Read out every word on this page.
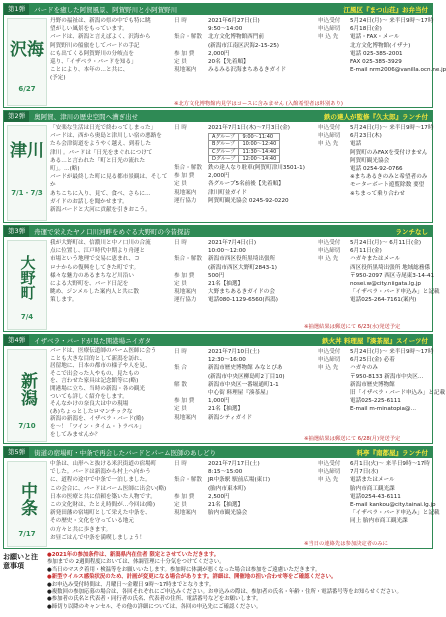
第1弾	バードを癒した阿賀風景、阿賀野川と小阿賀野川	江風区『まつ山荘』お弁当付
沢海
6/27
丹野の福祉は、新潟の県の中でも特に眺
望がしい風景をもっています。
バードは、新潟と言えばよく、沢海から
阿賀野川の船旅をしてバードの手記
にも出てくる阿賀野川の分岐点を
巡り、「イザベラ・バードを知る」
ことにより、本年の…と共に、
(予定)
日 時	2021年6月27日(日)
9:50〜14:00
集合・解散	北方文化博物館西門前
(新潟市江南区沢海2-15-25)
参 加 費	2,000円
定 員	20名【先着順】
現地案内	みるみる沢海まちあるきガイド
申込受付	5月24日(月)〜 来半日9時〜17時
申込締切	6月18日(金)
申 込 先	電話・FAX・メール
北方文化博物館(イザナ)
電話 025-385-2001
FAX 025-385-3929
E-mail nrm2006@vanilla.ocn.ne.jp
※北方文化博物館内見学はコースに含みません (入館希望者は料別あり)
第2弾	奥阿賀、津川の歴史空間へ漕ぎ出せ	鉄の達人が監修『久太郎』ランチ付
津川
7/1・7/3
「安楽な生活は日光で終わってしまった」
バードは、西から奥島と津川しい宿の悪路を
たら会津街道をようやく越え、到着した
津川 。バードは「日光をまぐれにつけて
ある…と言われた「町と日光の流れた
町」。…(略)
バードが最終した町に見る都市景観は、そしてか
あちこちに入り、見て、食べ、さらに…
ガイドのお話しを聞かせます。
新潟バードと大河に貢献を引きおこう。
日 時	2021年7月1日(木)〜7月3日(金)
Aグループ	9:00〜11:40
Bグループ	10:00〜12:40
Cグループ	11:30〜14:40
Dグループ	12:00〜14:40
集合・解散	鉄の達人なり駐車(阿賀町津川3501-1)
参 加 費	2,000円
定 員	各グループ5名前後【先着順】
現地案内	津川町並ガイド
運行協力	阿賀町観光協会 0245-92-0220
申込受付	5月24日(月)〜 来半日9時〜17時
申込締切	6月23日(木)
申 込 先	電話
阿賀町のみFAXを受付けません
阿賀町観光協会
電話 0254-92-0766
※まちあるきのみと希望者のみ
モーターボート遊覧除数 要望
※ちまって乗り合わせ
第3弾	舟運で栄えたヤノ口川河畔をめぐる大野町の今昔探訪	ランチなし
大野町
7/4
我が大野町は、信濃川と中ノ口川の合流
点に位置し、江戸時代中期より舟運と
市場という地理で交易に恵まれ、コ
ロナからの復興をしてきた町です。
様々な魅力のあるまちなど川沿い
による大野町を、バード日記を
眺め、ジンメルした案内人と共に散
策します。
日 時	2021年7月4日(日)
10:00〜12:00
集合・解散	新潟市西区役所黒埼出張所
(新潟市西区大野町2843-1)
参 加 費	500円
定 員	21名【抽選】
現地案内	大野まちあるきガイドの会
運行協力	電話080-1129-6560(西潟)
申込受付	5月24日(月)〜 6月11日(金)
申込締切	6月11日(金)
申 込 先	ハガキまたはメール
西区役所黒埼出張所 地域総務係
〒950-2097 西区寺尾東3-14-41
nosei.w@city.niigata.lg.jp
「イザベラ・バード申込み」と記載
電話025-264-7161(案内)
※抽選結果は郵送にて 6/23(水)発送予定
第4弾	イザベラ・バードが見た開港場ニイガタ	鉄火丼 料理屋『湊茶屋』スイーツ付
新潟
7/10
バードは、医療伝道師のパーム医師に会う
ことも大きな目的として新潟を訪れ、
居留地に、日本の都市の様子や人を見、
そこで出会った人やもの、見たもの
を、言わせた家具は記念館等に(略)
開港場に立ち、当時の新潟・各の観光
ついても詳しく紹介をします。
そんなかけの奈良大は中の現場
(あ)ちょっとしたロマンチックな
新潟の新潟を、イザベラ・バード(略)
を～！「ツイン・タイム・トラベル」
をしてみませんか？
日 時	2021年7月10日(土)
12:30〜16:00
集 合	新潟市歴史博物館 みなとぴあ
(新潟市中央区柳島町2丁目10)
解 散	新潟市中央区一番堀通町1-1
中心街 料理屋『湊茶屋』
参 加 費	1,000円
定 員	21名【抽選】
現地案内	新潟シティガイド
申込受付	5月24日(月)〜 来半日9時〜17時
申込締切	6月25日(金) 必着
申 込 先	ハガキのみ
〒950-8133 新潟市中央区…
新潟市歴史博物館
旧「イザベラ・バード申込み」と記載
電話025-225-6111
E-mail m-minatopia@…
※抽選結果は郵送にて 6/28(月)発送予定
第5弾	街道の宿場町・中条で再会したバードとパーム医師のあしどり	料亭『南都屋』ランチ付
中条
7/17
中条は、山形へと抜ける米沢街道の宿場町
でした。バードは新潟から村上へ向かう
に、道程の途中で中条で一泊しました。
この会合に、バードはバーム医師に出会い(略)
日本の医療と共に信頼を築いた人物です。
この文化財は、たとえ時間が…今回は(略)
新発田藩の宿場町として栄えた中条を、
その歴史・文化を守っている地元
の方々と共に歩きます。
お昼ごはんで中条を満喫しましょう！
日 時	2021年7月17日(土)
8:15〜15:00
集合・解散	JR中条駅 駅前広場(東口)
(胎内市東本町)
参 加 費	2,500円
定 員	21名【抽選】
現地案内	胎内市観光協会
申込受付	6月1日(火)〜 来半日9時〜17時
申込締切	7月7日(水)
申 込 先	電話またはメール
胎内市商工観光課
電話0254-43-6111
E-mail kankou@city.tainai.lg.jp
「イザベラ・バード申込み」と記載
同上 胎内市商工観光課
※当日の連絡先は参加決定者のみに
お願いと注意事項
●2021年の参加条件は、新潟県内在住者 限定とさせていただきます。
参加までの 2週間程度においては、体調管理に十分気をつけてください。
●当日のマスク着用・検温等をお願いいたします。参加時に体調が悪くなった場合は参加をご遠慮いただきます。
●新型ウイルス感染状況のため、計画が変更になる場合があります。詳細は、開催地の担い合わせ等をご確認ください。
●お申込み受付時間は、月曜日〜金曜日 9時〜17時までとなります。
●複数回の参加応募の場合は、各回それぞれにご申込みください。お申込みの際は、参加者の氏名・年齢・住所・電話番号等をお知らせください。
●参加者の氏名と代表者・同行者の氏名、代表者の住所、電話番号などをお願いします。
●締切り以降のキャンセル、その他の詳細については、各回の申込先にご確認ください。
